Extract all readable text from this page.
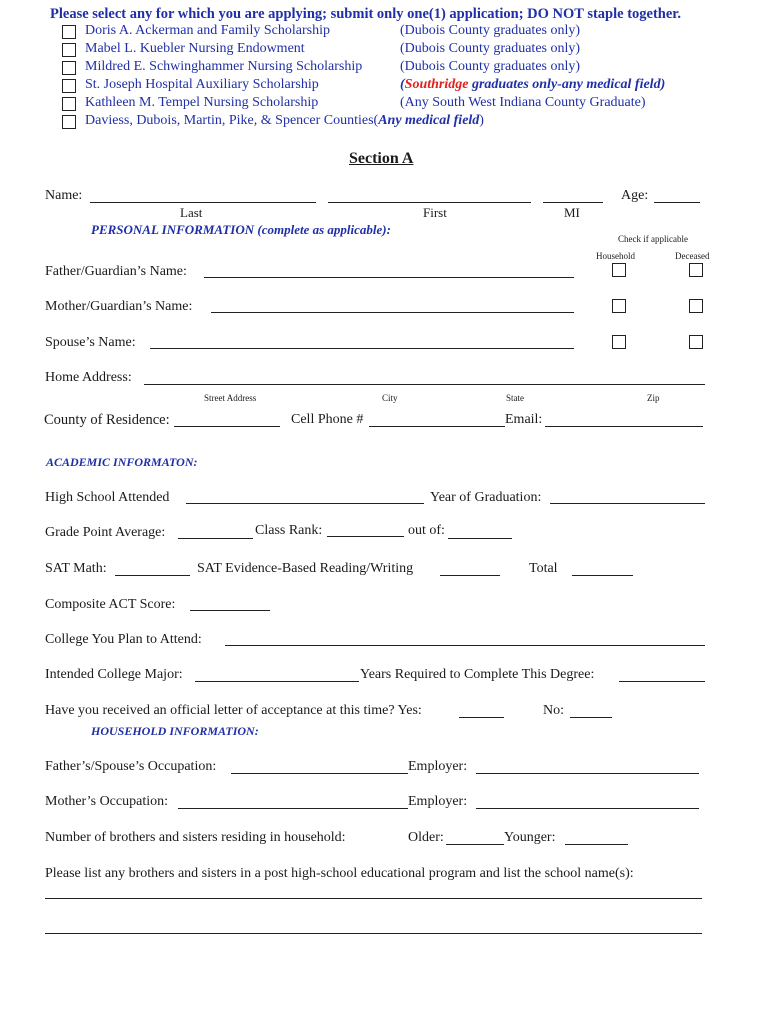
Please select any for which you are applying; submit only one(1) application; DO NOT staple together.
Doris A. Ackerman and Family Scholarship	(Dubois County graduates only)
Mabel L. Kuebler Nursing Endowment	(Dubois County graduates only)
Mildred E. Schwinghammer Nursing Scholarship	(Dubois County graduates only)
St. Joseph Hospital Auxiliary Scholarship	(Southridge graduates only-any medical field)
Kathleen M. Tempel Nursing Scholarship	(Any South West Indiana County Graduate)
Daviess, Dubois, Martin, Pike, & Spencer Counties(Any medical field)
Section A
Name:	Age:
Last	First	MI
PERSONAL INFORMATION (complete as applicable):
Check if applicable
Household	Deceased
Father/Guardian’s Name:
Mother/Guardian’s Name:
Spouse’s Name:
Home Address:
Street Address	City	State	Zip
County of Residence:	Cell Phone #	Email:
ACADEMIC INFORMATON:
High School Attended	Year of Graduation:
Grade Point Average:	Class Rank:	out of:
SAT Math:	SAT Evidence-Based Reading/Writing	Total
Composite ACT Score:
College You Plan to Attend:
Intended College Major:	Years Required to Complete This Degree:
Have you received an official letter of acceptance at this time? Yes:	No:
HOUSEHOLD INFORMATION:
Father’s/Spouse’s Occupation:	Employer:
Mother’s Occupation:	Employer:
Number of brothers and sisters residing in household:	Older:	Younger:
Please list any brothers and sisters in a post high-school educational program and list the school name(s):
